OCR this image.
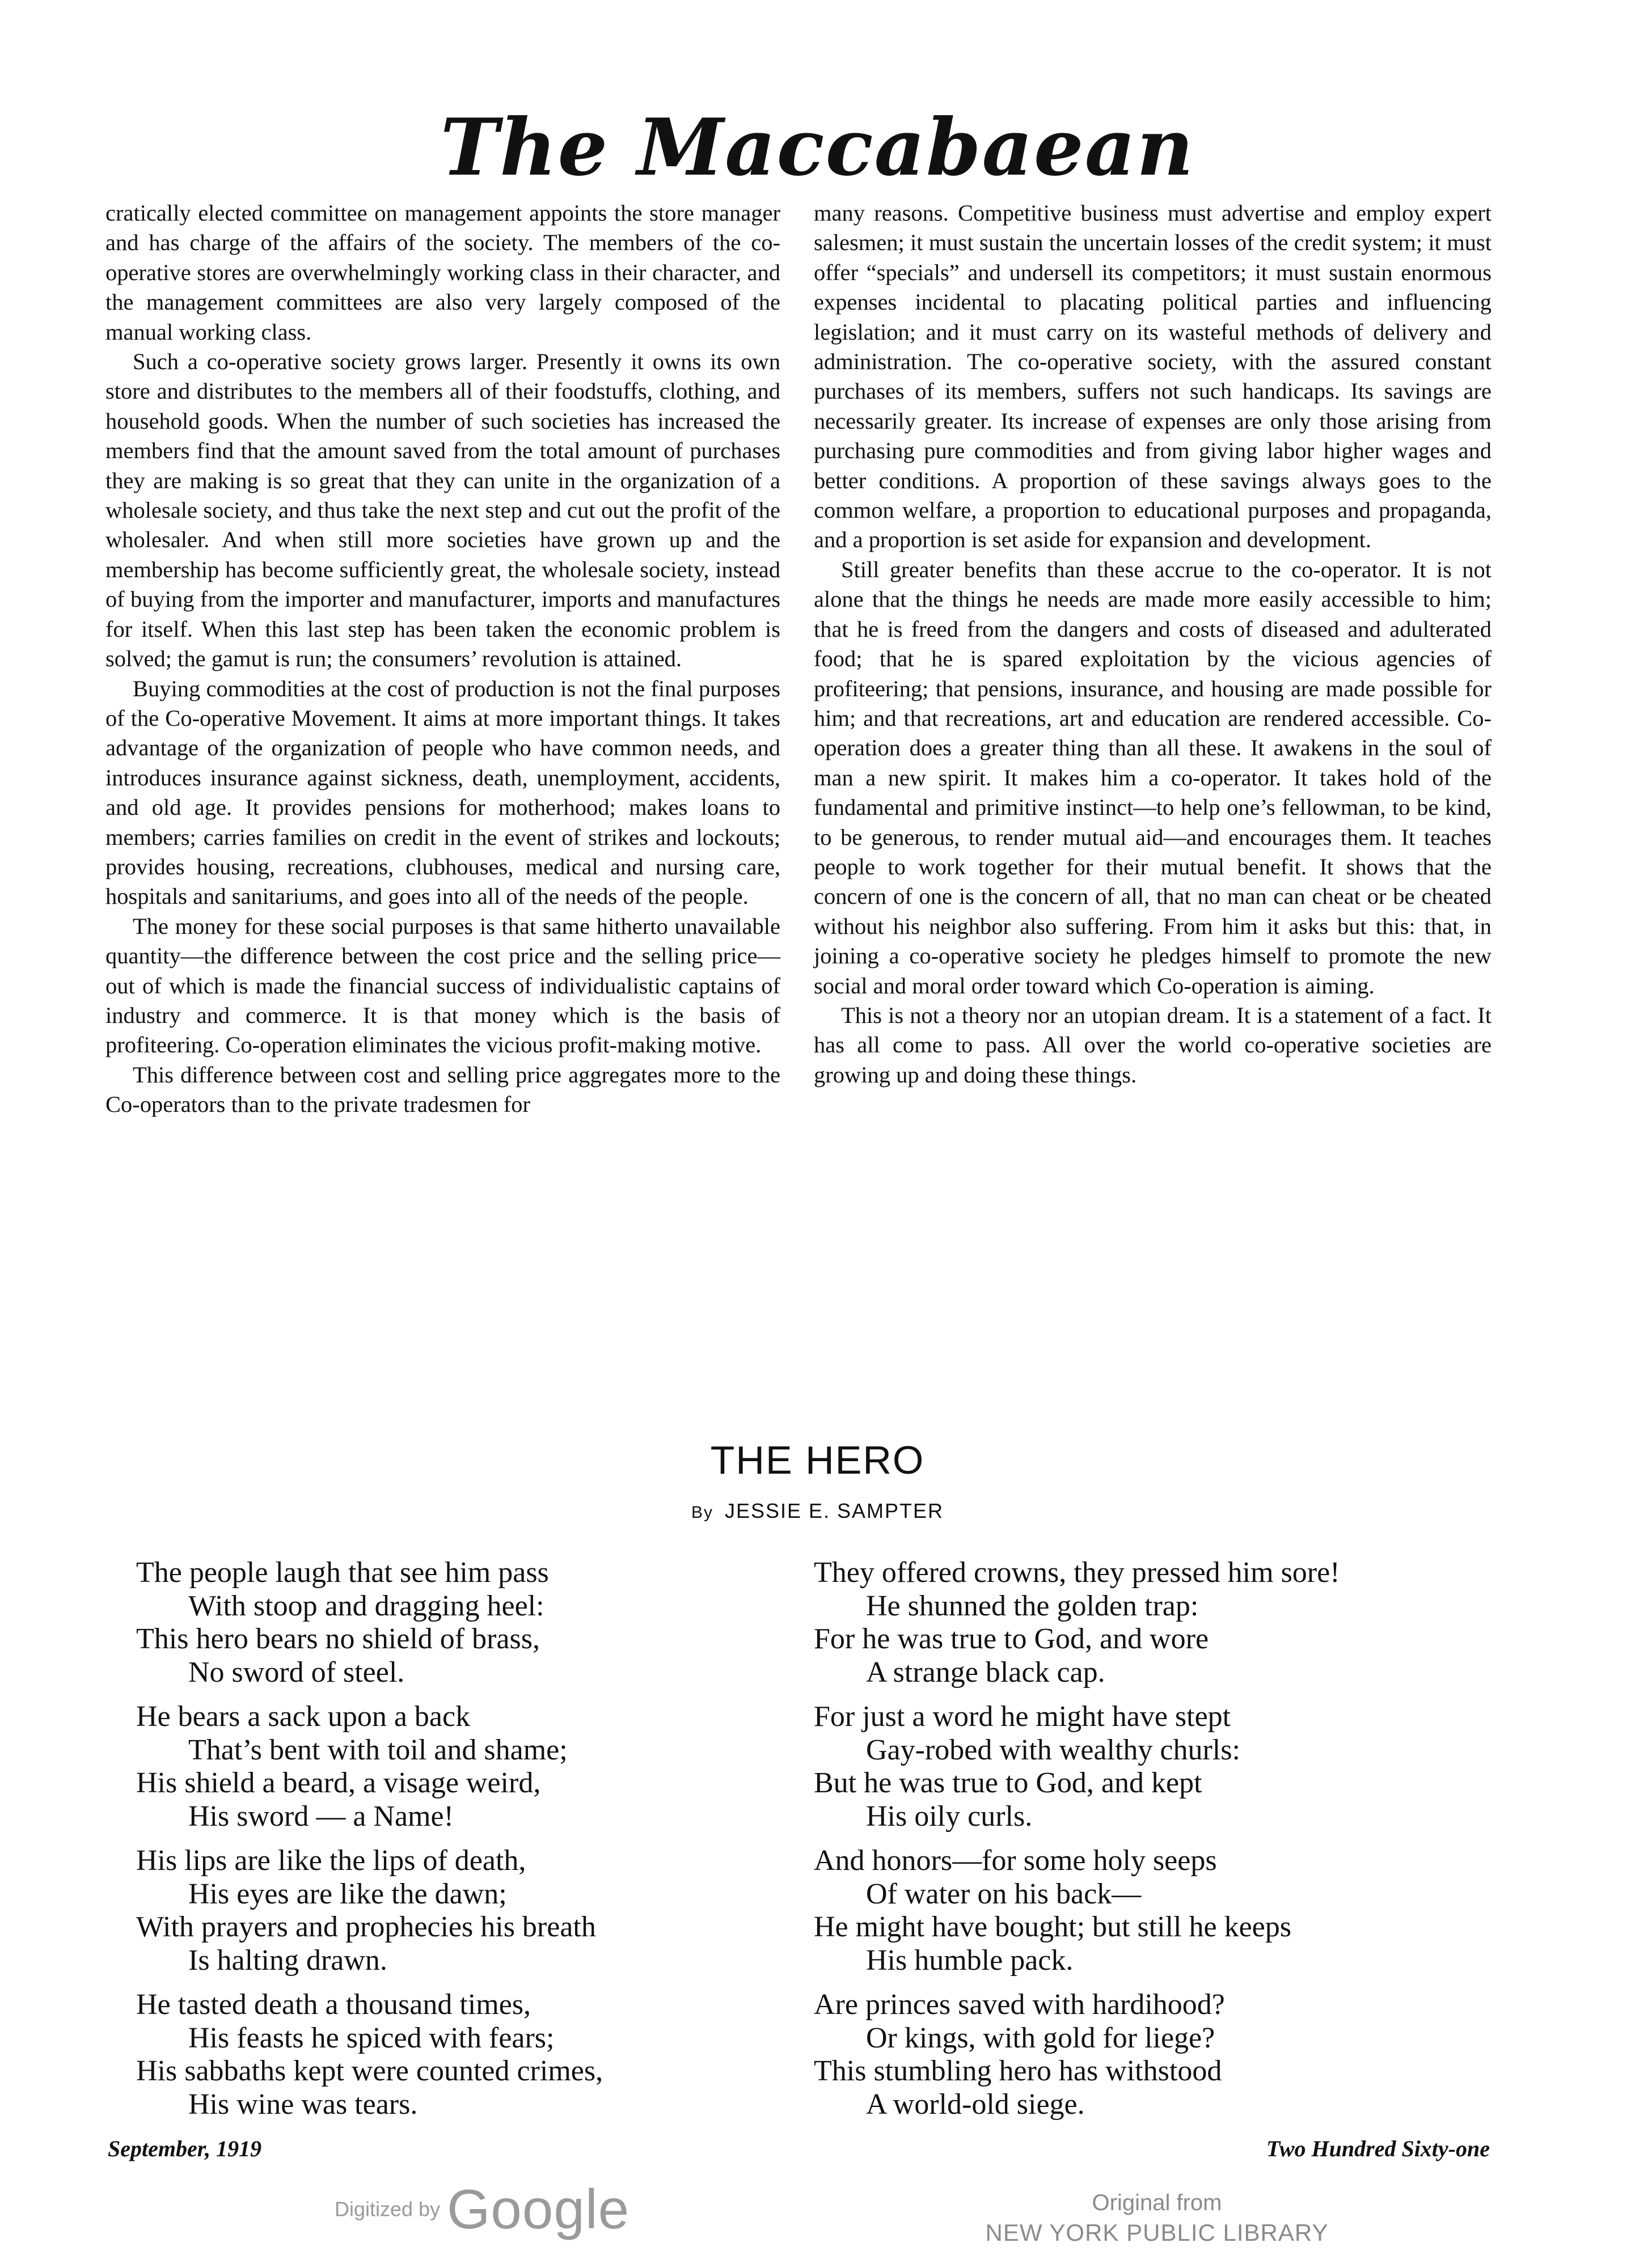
The Maccabaean

cratically elected committee on management appoints the store manager and has charge of the affairs of the society. The members of the co-operative stores are overwhelmingly working class in their character, and the management committees are also very largely composed of the manual working class.

Such a co-operative society grows larger. Presently it owns its own store and distributes to the members all of their foodstuffs, clothing, and household goods. When the number of such societies has increased the members find that the amount saved from the total amount of purchases they are making is so great that they can unite in the organization of a wholesale society, and thus take the next step and cut out the profit of the wholesaler. And when still more societies have grown up and the membership has become sufficiently great, the wholesale society, instead of buying from the importer and manufacturer, imports and manufactures for itself. When this last step has been taken the economic problem is solved; the gamut is run; the consumers’ revolution is attained.

Buying commodities at the cost of production is not the final purposes of the Co-operative Movement. It aims at more important things. It takes advantage of the organization of people who have common needs, and introduces insurance against sickness, death, unemployment, accidents, and old age. It provides pensions for motherhood; makes loans to members; carries families on credit in the event of strikes and lockouts; provides housing, recreations, clubhouses, medical and nursing care, hospitals and sanitariums, and goes into all of the needs of the people.

The money for these social purposes is that same hitherto unavailable quantity—the difference between the cost price and the selling price—out of which is made the financial success of individualistic captains of industry and commerce. It is that money which is the basis of profiteering. Co-operation eliminates the vicious profit-making motive.

This difference between cost and selling price aggregates more to the Co-operators than to the private tradesmen for

many reasons. Competitive business must advertise and employ expert salesmen; it must sustain the uncertain losses of the credit system; it must offer “specials” and undersell its competitors; it must sustain enormous expenses incidental to placating political parties and influencing legislation; and it must carry on its wasteful methods of delivery and administration. The co-operative society, with the assured constant purchases of its members, suffers not such handicaps. Its savings are necessarily greater. Its increase of expenses are only those arising from purchasing pure commodities and from giving labor higher wages and better conditions. A proportion of these savings always goes to the common welfare, a proportion to educational purposes and propaganda, and a proportion is set aside for expansion and development.

Still greater benefits than these accrue to the co-operator. It is not alone that the things he needs are made more easily accessible to him; that he is freed from the dangers and costs of diseased and adulterated food; that he is spared exploitation by the vicious agencies of profiteering; that pensions, insurance, and housing are made possible for him; and that recreations, art and education are rendered accessible. Co-operation does a greater thing than all these. It awakens in the soul of man a new spirit. It makes him a co-operator. It takes hold of the fundamental and primitive instinct—to help one’s fellowman, to be kind, to be generous, to render mutual aid—and encourages them. It teaches people to work together for their mutual benefit. It shows that the concern of one is the concern of all, that no man can cheat or be cheated without his neighbor also suffering. From him it asks but this: that, in joining a co-operative society he pledges himself to promote the new social and moral order toward which Co-operation is aiming.

This is not a theory nor an utopian dream. It is a statement of a fact. It has all come to pass. All over the world co-operative societies are growing up and doing these things.

THE HERO
By JESSIE E. SAMPTER
The people laugh that see him pass
With stoop and dragging heel:
This hero bears no shield of brass,
No sword of steel.
He bears a sack upon a back
That’s bent with toil and shame;
His shield a beard, a visage weird,
His sword — a Name!
His lips are like the lips of death,
His eyes are like the dawn;
With prayers and prophecies his breath
Is halting drawn.
He tasted death a thousand times,
His feasts he spiced with fears;
His sabbaths kept were counted crimes,
His wine was tears.
They offered crowns, they pressed him sore!
He shunned the golden trap:
For he was true to God, and wore
A strange black cap.
For just a word he might have stept
Gay-robed with wealthy churls:
But he was true to God, and kept
His oily curls.
And honors—for some holy seeps
Of water on his back—
He might have bought; but still he keeps
His humble pack.
Are princes saved with hardihood?
Or kings, with gold for liege?
This stumbling hero has withstood
A world-old siege.
September, 1919	Two Hundred Sixty-one
Digitized by Google	Original from
NEW YORK PUBLIC LIBRARY
